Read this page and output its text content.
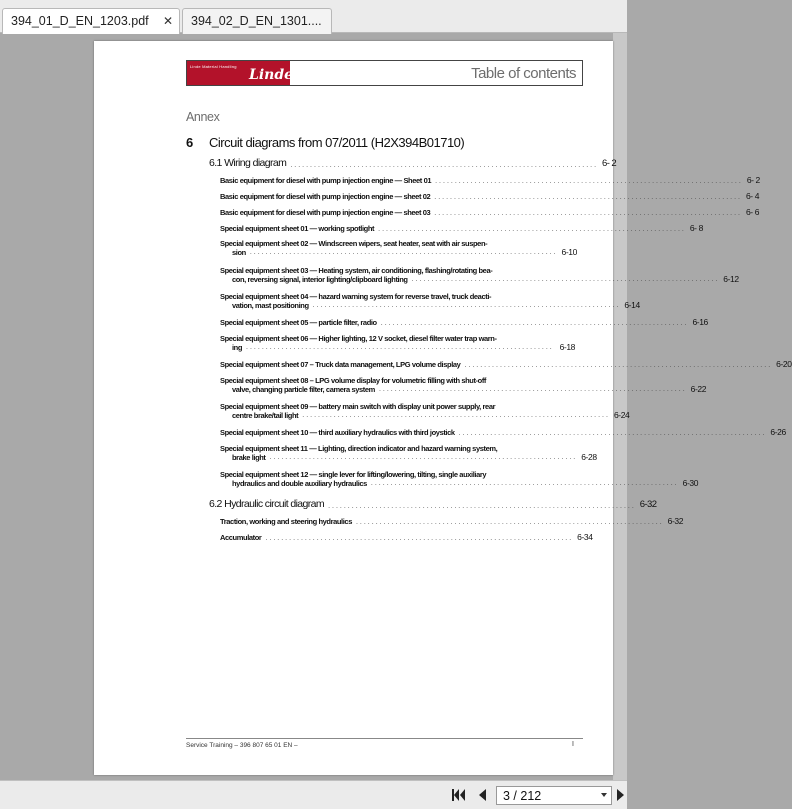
394_01_D_EN_1203.pdf ✕	394_02_D_EN_1301....
Linde Material Handling
Linde	Table of contents
Annex
6 Circuit diagrams from 07/2011 (H2X394B01710)
6.1 Wiring diagram .............................................................................. 6- 2
Basic equipment for diesel with pump injection engine — Sheet 01 .............................................................................. 6- 2
Basic equipment for diesel with pump injection engine — sheet 02 .............................................................................. 6- 4
Basic equipment for diesel with pump injection engine — sheet 03 .............................................................................. 6- 6
Special equipment sheet 01 — working spotlight .............................................................................. 6- 8
Special equipment sheet 02 — Windscreen wipers, seat heater, seat with air suspen-
sion .............................................................................. 6-10
Special equipment sheet 03 — Heating system, air conditioning, flashing/rotating bea-
con, reversing signal, interior lighting/clipboard lighting .............................................................................. 6-12
Special equipment sheet 04 — hazard warning system for reverse travel, truck deacti-
vation, mast positioning .............................................................................. 6-14
Special equipment sheet 05 — particle filter, radio .............................................................................. 6-16
Special equipment sheet 06 — Higher lighting, 12 V socket, diesel filter water trap warn-
ing .............................................................................. 6-18
Special equipment sheet 07 – Truck data management, LPG volume display .............................................................................. 6-20
Special equipment sheet 08 – LPG volume display for volumetric filling with shut-off
valve, changing particle filter, camera system .............................................................................. 6-22
Special equipment sheet 09 — battery main switch with display unit power supply, rear
centre brake/tail light .............................................................................. 6-24
Special equipment sheet 10 — third auxiliary hydraulics with third joystick .............................................................................. 6-26
Special equipment sheet 11 — Lighting, direction indicator and hazard warning system,
brake light .............................................................................. 6-28
Special equipment sheet 12 — single lever for lifting/lowering, tilting, single auxiliary
hydraulics and double auxiliary hydraulics .............................................................................. 6-30
6.2 Hydraulic circuit diagram .............................................................................. 6-32
Traction, working and steering hydraulics .............................................................................. 6-32
Accumulator .............................................................................. 6-34
Service Training – 396 807 65 01 EN –	I
3 / 212
